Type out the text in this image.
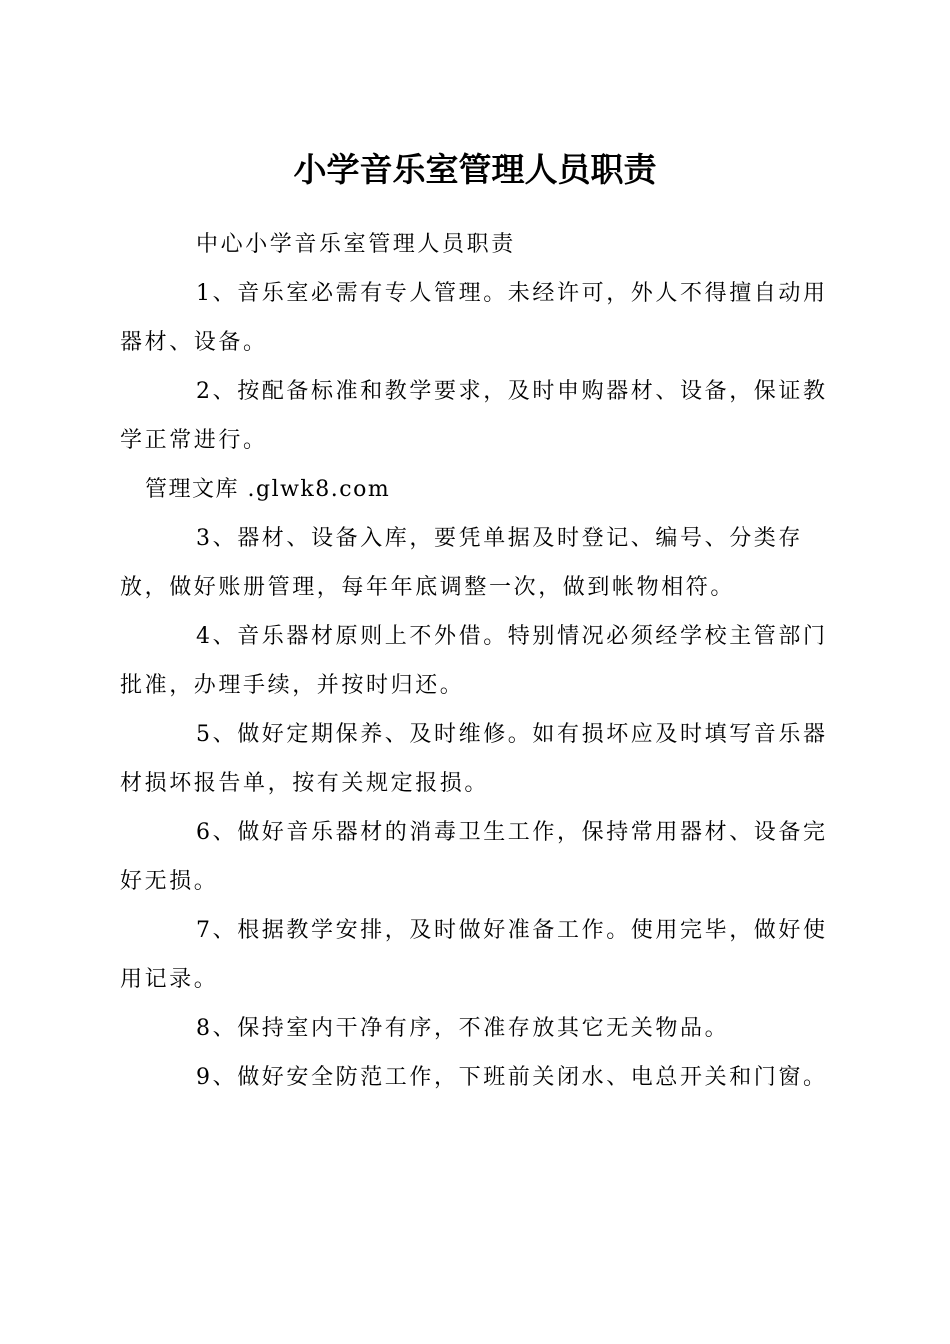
小学音乐室管理人员职责

中心小学音乐室管理人员职责

1、音乐室必需有专人管理。未经许可，外人不得擅自动用器材、设备。

2、按配备标准和教学要求，及时申购器材、设备，保证教学正常进行。

管理文库 .glwk8.com

3、器材、设备入库，要凭单据及时登记、编号、分类存放，做好账册管理，每年年底调整一次，做到帐物相符。

4、音乐器材原则上不外借。特别情况必须经学校主管部门批准，办理手续，并按时归还。

5、做好定期保养、及时维修。如有损坏应及时填写音乐器材损坏报告单，按有关规定报损。

6、做好音乐器材的消毒卫生工作，保持常用器材、设备完好无损。

7、根据教学安排，及时做好准备工作。使用完毕，做好使用记录。

8、保持室内干净有序，不准存放其它无关物品。

9、做好安全防范工作，下班前关闭水、电总开关和门窗。
